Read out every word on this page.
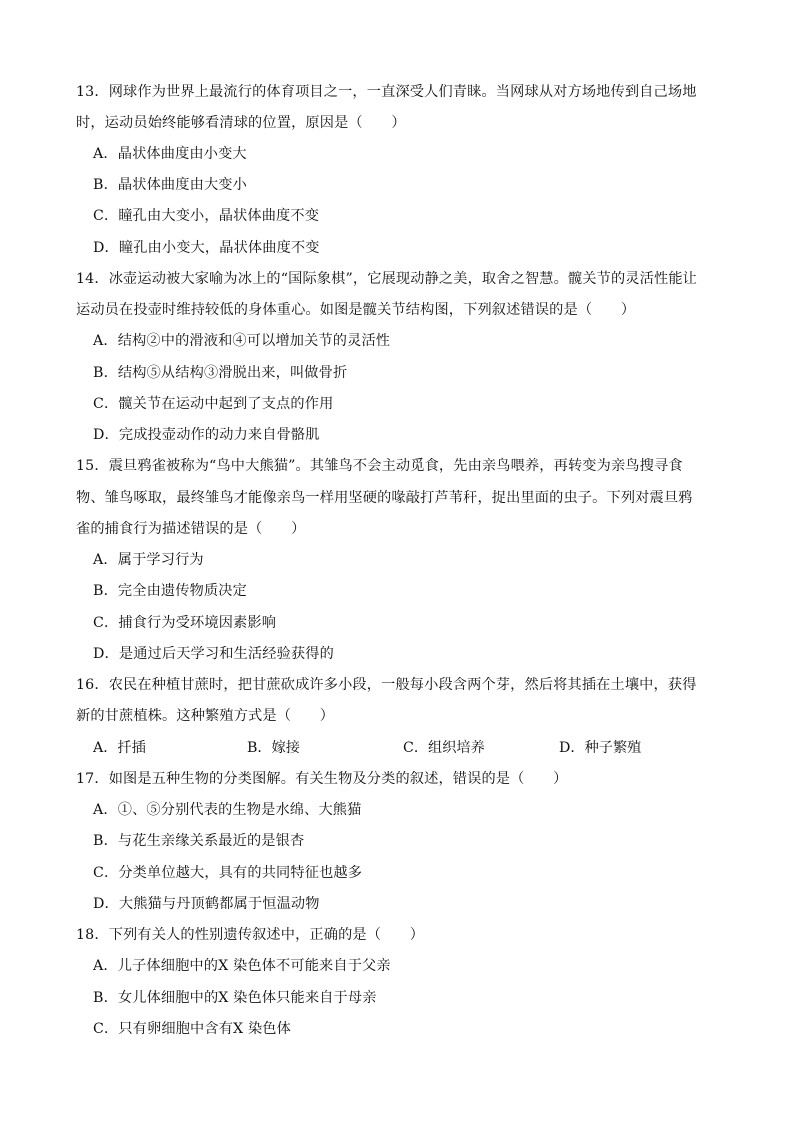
13．网球作为世界上最流行的体育项目之一，一直深受人们青睐。当网球从对方场地传到自己场地
时，运动员始终能够看清球的位置，原因是（　　）
A．晶状体曲度由小变大
B．晶状体曲度由大变小
C．瞳孔由大变小，晶状体曲度不变
D．瞳孔由小变大，晶状体曲度不变
14．冰壶运动被大家喻为冰上的“国际象棋”，它展现动静之美，取舍之智慧。髋关节的灵活性能让
运动员在投壶时维持较低的身体重心。如图是髋关节结构图，下列叙述错误的是（　　）
A．结构②中的滑液和④可以增加关节的灵活性
B．结构⑤从结构③滑脱出来，叫做骨折
C．髋关节在运动中起到了支点的作用
D．完成投壶动作的动力来自骨骼肌
15．震旦鸦雀被称为“鸟中大熊猫”。其雏鸟不会主动觅食，先由亲鸟喂养，再转变为亲鸟搜寻食
物、雏鸟啄取，最终雏鸟才能像亲鸟一样用坚硬的喙敲打芦苇秆，捉出里面的虫子。下列对震旦鸦
雀的捕食行为描述错误的是（　　）
A．属于学习行为
B．完全由遗传物质决定
C．捕食行为受环境因素影响
D．是通过后天学习和生活经验获得的
16．农民在种植甘蔗时，把甘蔗砍成许多小段，一般每小段含两个芽，然后将其插在土壤中，获得
新的甘蔗植株。这种繁殖方式是（　　）
A．扦插	B．嫁接	C．组织培养	D．种子繁殖
17．如图是五种生物的分类图解。有关生物及分类的叙述，错误的是（　　）
A．①、⑤分别代表的生物是水绵、大熊猫
B．与花生亲缘关系最近的是银杏
C．分类单位越大，具有的共同特征也越多
D．大熊猫与丹顶鹤都属于恒温动物
18．下列有关人的性别遗传叙述中，正确的是（　　）
A．儿子体细胞中的X 染色体不可能来自于父亲
B．女儿体细胞中的X 染色体只能来自于母亲
C．只有卵细胞中含有X 染色体
